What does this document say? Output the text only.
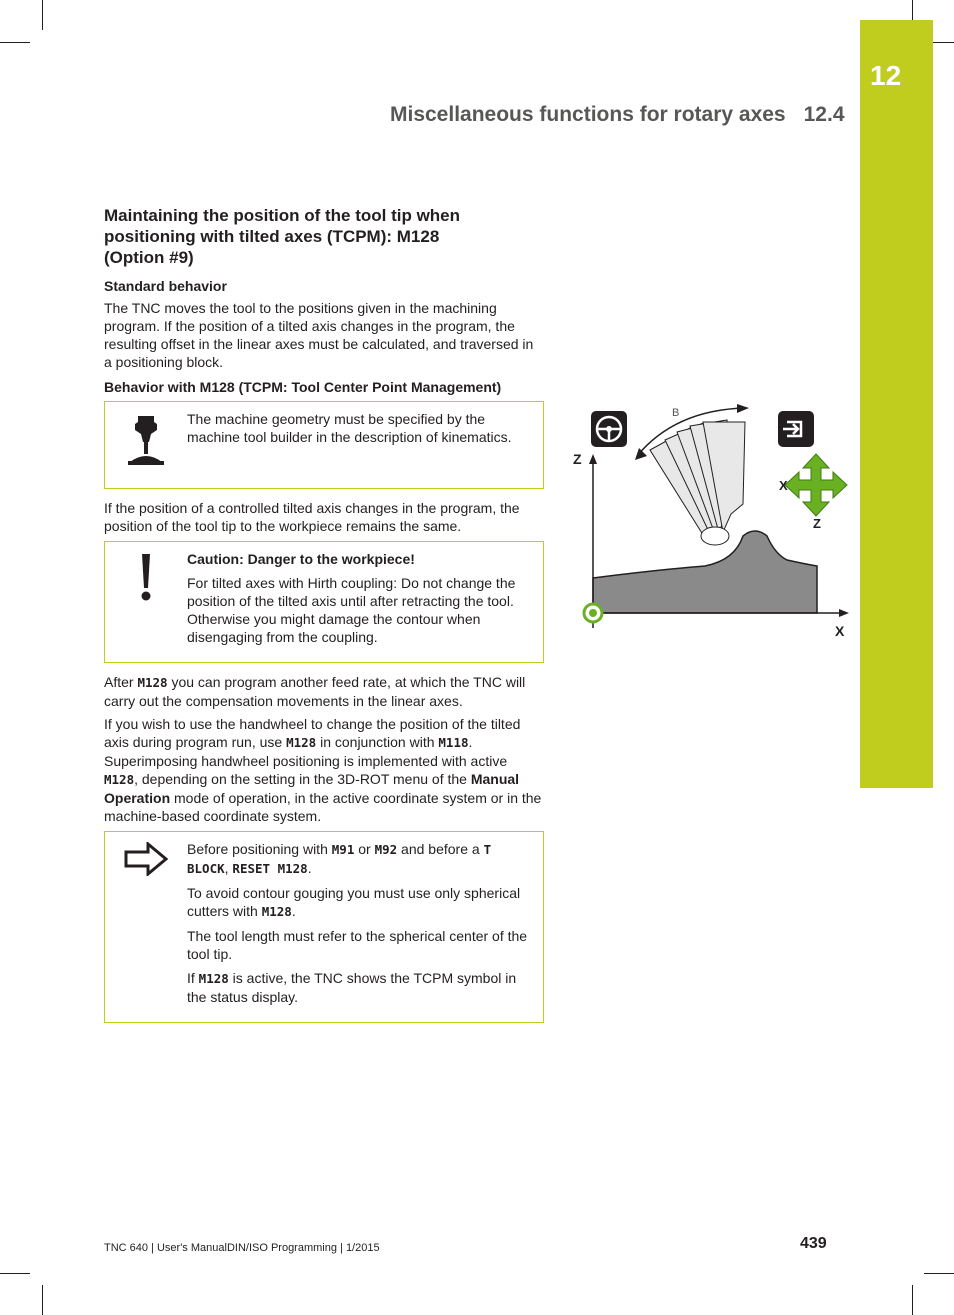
12
Miscellaneous functions for rotary axes 12.4
Maintaining the position of the tool tip when
positioning with tilted axes (TCPM): M128
(Option #9)
Standard behavior

The TNC moves the tool to the positions given in the machining program. If the position of a tilted axis changes in the program, the resulting offset in the linear axes must be calculated, and traversed in a positioning block.

Behavior with M128 (TCPM: Tool Center Point Management)

The machine geometry must be specified by the machine tool builder in the description of kinematics.

If the position of a controlled tilted axis changes in the program, the position of the tool tip to the workpiece remains the same.

Caution: Danger to the workpiece!

For tilted axes with Hirth coupling: Do not change the position of the tilted axis until after retracting the tool. Otherwise you might damage the contour when disengaging from the coupling.

After M128 you can program another feed rate, at which the TNC will carry out the compensation movements in the linear axes.

If you wish to use the handwheel to change the position of the tilted axis during program run, use M128 in conjunction with M118. Superimposing handwheel positioning is implemented with active M128, depending on the setting in the 3D-ROT menu of the Manual Operation mode of operation, in the active coordinate system or in the machine-based coordinate system.

Before positioning with M91 or M92 and before a T BLOCK, RESET M128.

To avoid contour gouging you must use only spherical cutters with M128.

The tool length must refer to the spherical center of the tool tip.

If M128 is active, the TNC shows the TCPM symbol in the status display.

Z
X
B
X
Z
TNC 640 | User's ManualDIN/ISO Programming | 1/2015	439
